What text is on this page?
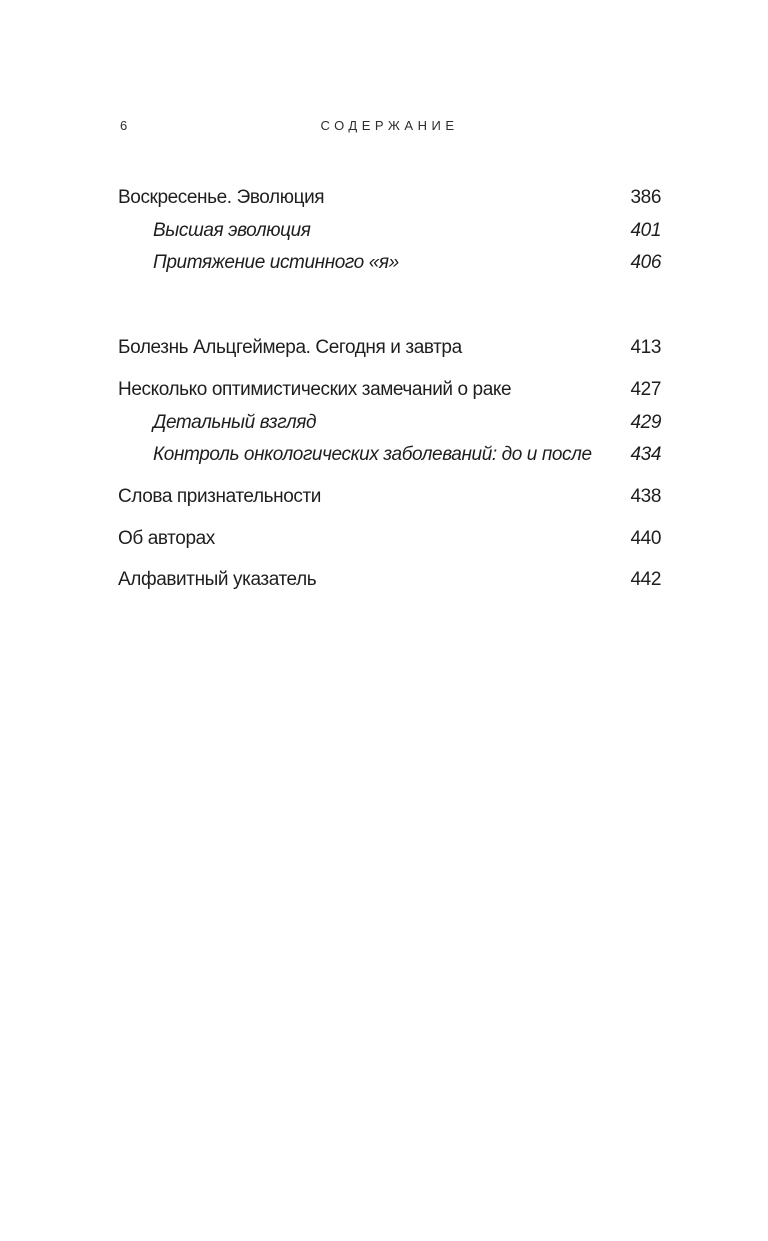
6	СОДЕРЖАНИЕ
Воскресенье. Эволюция	386
Высшая эволюция	401
Притяжение истинного «я»	406
Болезнь Альцгеймера. Сегодня и завтра	413
Несколько оптимистических замечаний о раке	427
Детальный взгляд	429
Контроль онкологических заболеваний: до и после	434
Слова признательности	438
Об авторах	440
Алфавитный указатель	442
